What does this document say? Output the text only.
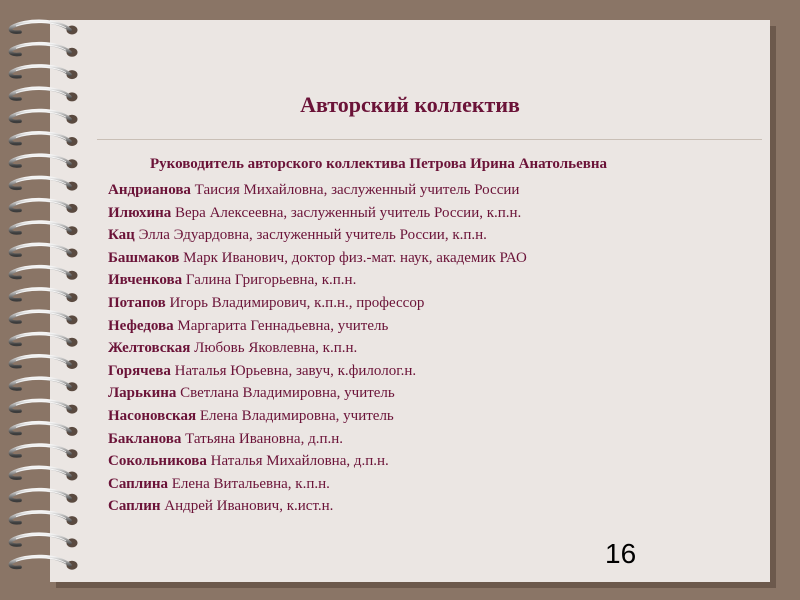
Авторский коллектив
Руководитель авторского коллектива Петрова Ирина Анатольевна
Андрианова Таисия Михайловна, заслуженный учитель России
Илюхина Вера Алексеевна, заслуженный учитель России, к.п.н.
Кац Элла Эдуардовна, заслуженный учитель России, к.п.н.
Башмаков Марк Иванович, доктор физ.-мат. наук, академик РАО
Ивченкова Галина Григорьевна, к.п.н.
Потапов Игорь Владимирович, к.п.н., профессор
Нефедова Маргарита Геннадьевна, учитель
Желтовская Любовь Яковлевна, к.п.н.
Горячева Наталья Юрьевна, завуч, к.филолог.н.
Ларькина Светлана Владимировна, учитель
Насоновская Елена Владимировна, учитель
Бакланова Татьяна Ивановна, д.п.н.
Сокольникова Наталья Михайловна, д.п.н.
Саплина Елена Витальевна, к.п.н.
Саплин Андрей Иванович, к.ист.н.
16
